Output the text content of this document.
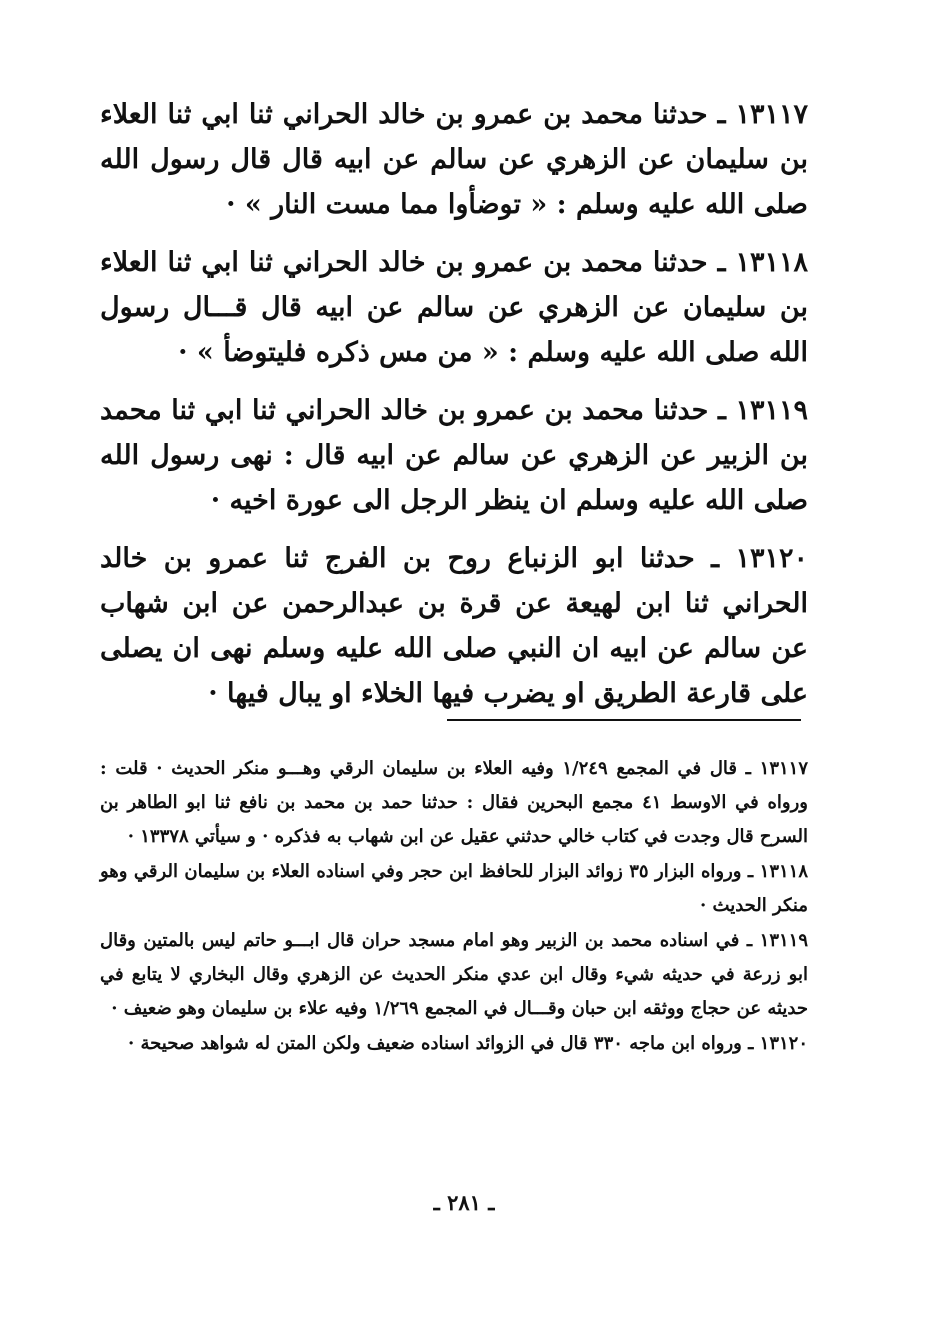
١٣١١٧ ـ حدثنا محمد بن عمرو بن خالد الحراني ثنا ابي ثنا العلاء بن سليمان عن الزهري عن سالم عن ابيه قال قال رسول الله صلى الله عليه وسلم : « توضأوا مما مست النار » ·

١٣١١٨ ـ حدثنا محمد بن عمرو بن خالد الحراني ثنا ابي ثنا العلاء بن سليمان عن الزهري عن سالم عن ابيه قال قـــال رسول الله صلى الله عليه وسلم : « من مس ذكره فليتوضأ » ·

١٣١١٩ ـ حدثنا محمد بن عمرو بن خالد الحراني ثنا ابي ثنا محمد بن الزبير عن الزهري عن سالم عن ابيه قال : نهى رسول الله صلى الله عليه وسلم ان ينظر الرجل الى عورة اخيه ·

١٣١٢٠ ـ حدثنا ابو الزنباع روح بن الفرج ثنا عمرو بن خالد الحراني ثنا ابن لهيعة عن قرة بن عبدالرحمن عن ابن شهاب عن سالم عن ابيه ان النبي صلى الله عليه وسلم نهى ان يصلى على قارعة الطريق او يضرب فيها الخلاء او يبال فيها ·

١٣١١٧ ـ قال في المجمع ١/٢٤٩ وفيه العلاء بن سليمان الرقي وهـــو منكر الحديث · قلت : ورواه في الاوسط ٤١ مجمع البحرين فقال : حدثنا حمد بن محمد بن نافع ثنا ابو الطاهر بن السرح قال وجدت في كتاب خالي حدثني عقيل عن ابن شهاب به فذكره · و سيأتي ١٣٣٧٨ ·

١٣١١٨ ـ ورواه البزار ٣٥ زوائد البزار للحافظ ابن حجر وفي اسناده العلاء بن سليمان الرقي وهو منكر الحديث ·

١٣١١٩ ـ في اسناده محمد بن الزبير وهو امام مسجد حران قال ابـــو حاتم ليس بالمتين وقال ابو زرعة في حديثه شيء وقال ابن عدي منكر الحديث عن الزهري وقال البخاري لا يتابع في حديثه عن حجاج ووثقه ابن حبان وقـــال في المجمع ١/٢٦٩ وفيه علاء بن سليمان وهو ضعيف ·

١٣١٢٠ ـ ورواه ابن ماجه ٣٣٠ قال في الزوائد اسناده ضعيف ولكن المتن له شواهد صحيحة ·

ـ ٢٨١ ـ
